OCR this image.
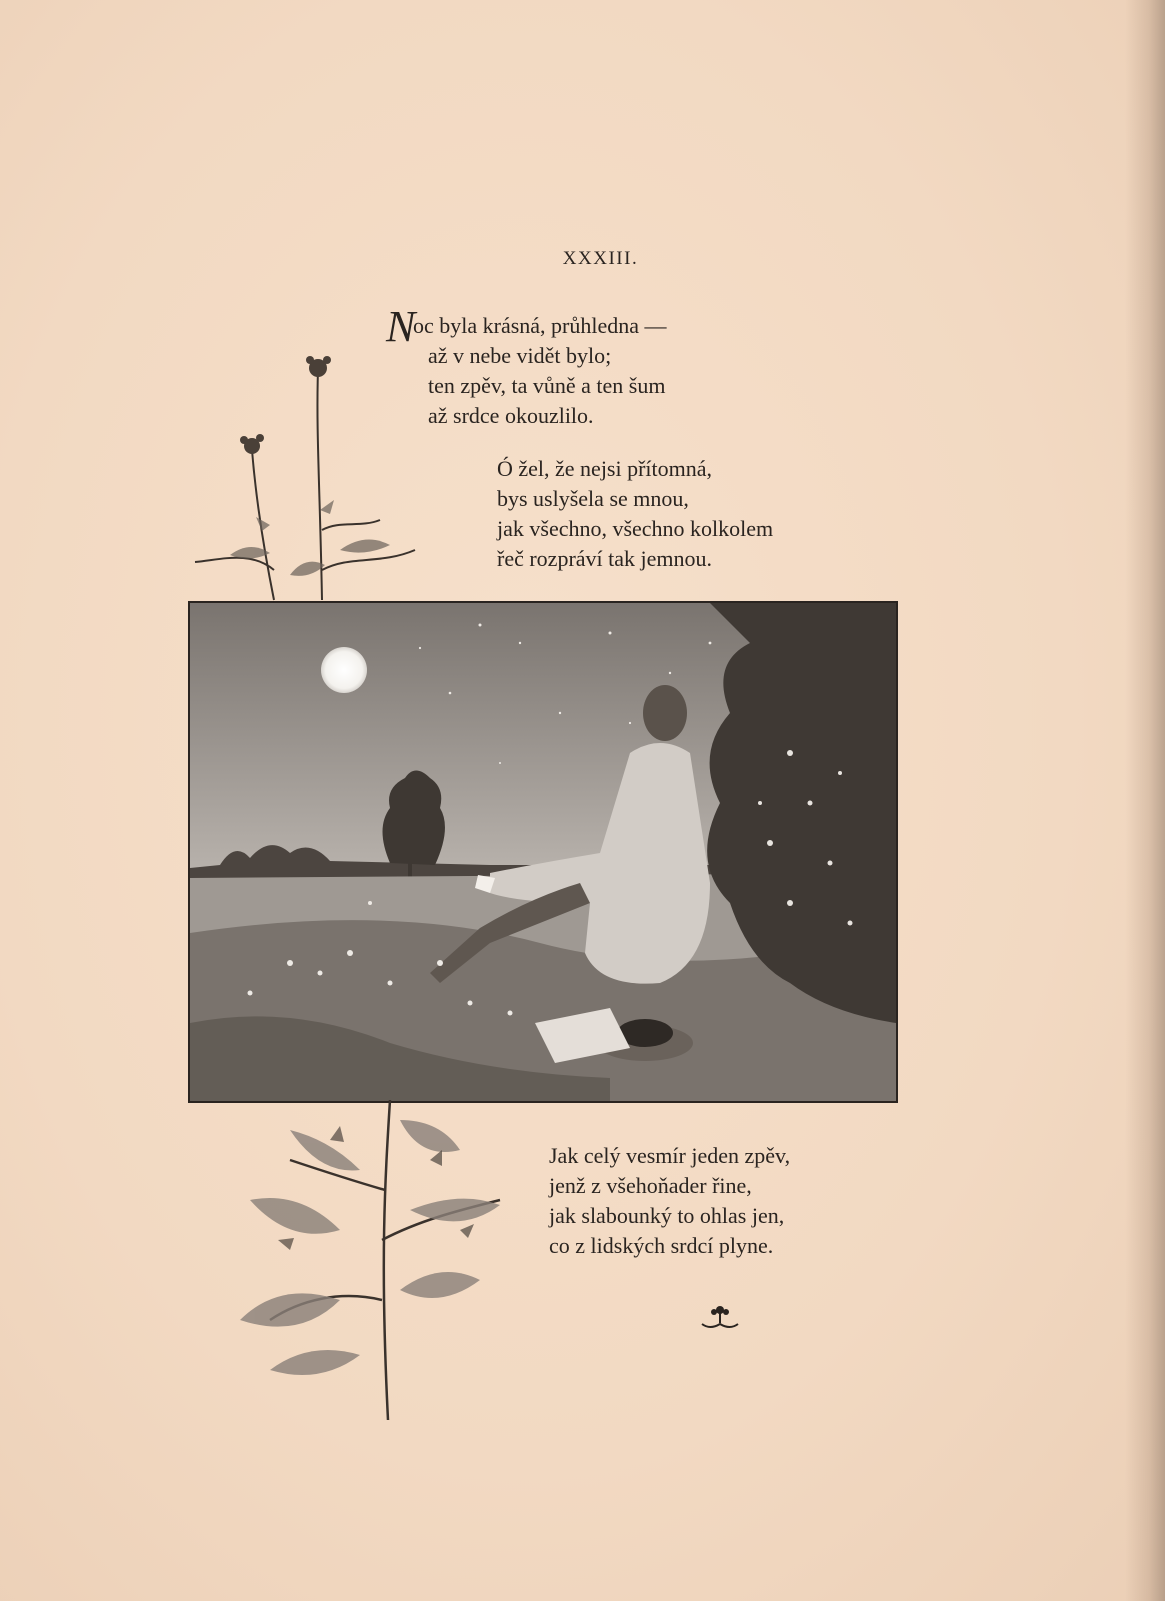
XXXIII.
N
oc byla krásná, průhledna —
až v nebe vidět bylo;
ten zpěv, ta vůně a ten šum
až srdce okouzlilo.
Ó žel, že nejsi přítomná,
bys uslyšela se mnou,
jak všechno, všechno kolkolem
řeč rozpráví tak jemnou.
Jak celý vesmír jeden zpěv,
jenž z všehoňader řine,
jak slabounký to ohlas jen,
co z lidských srdcí plyne.
